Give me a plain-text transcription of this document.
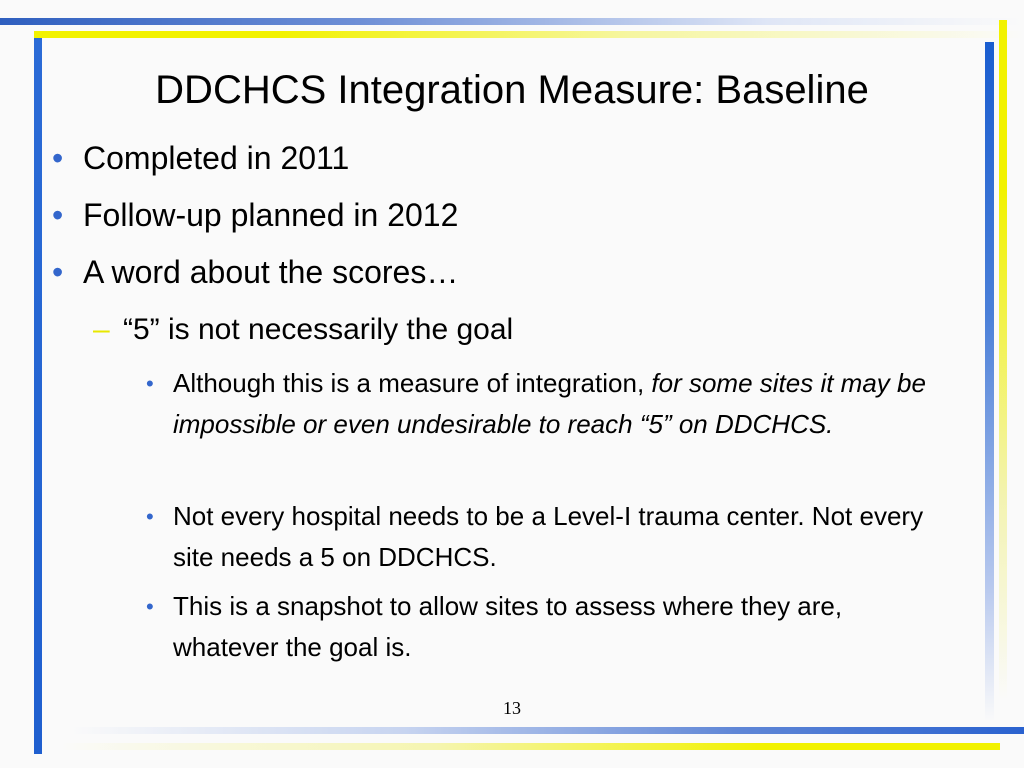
DDCHCS Integration Measure: Baseline
• Completed in 2011
• Follow-up planned in 2012
• A word about the scores…
– “5” is not necessarily the goal
• Although this is a measure of integration, for some sites it may be impossible or even undesirable to reach “5” on DDCHCS.
• Not every hospital needs to be a Level-I trauma center. Not every site needs a 5 on DDCHCS.
• This is a snapshot to allow sites to assess where they are, whatever the goal is.
13
